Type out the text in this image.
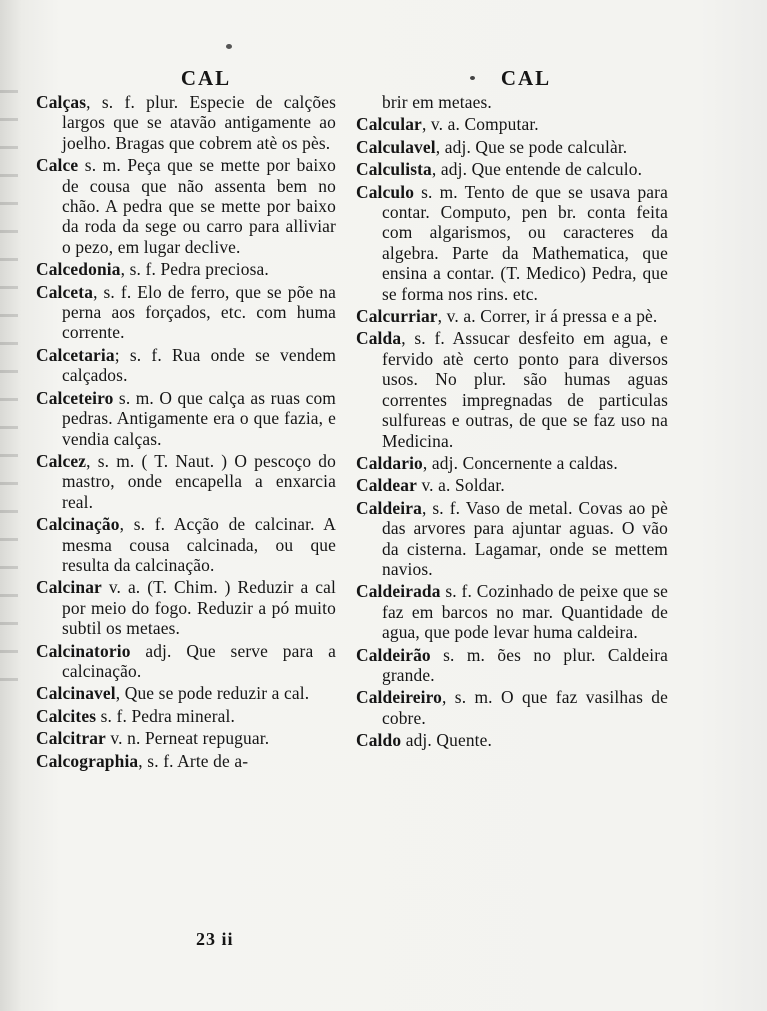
CAL

Calças, s. f. plur. Especie de calções largos que se atavão antigamente ao joelho. Bragas que cobrem atè os pès.

Calce s. m. Peça que se mette por baixo de cousa que não assenta bem no chão. A pedra que se mette por baixo da roda da sege ou carro para alliviar o pezo, em lugar declive.

Calcedonia, s. f. Pedra preciosa.

Calceta, s. f. Elo de ferro, que se põe na perna aos forçados, etc. com huma corrente.

Calcetaria; s. f. Rua onde se vendem calçados.

Calceteiro s. m. O que calça as ruas com pedras. Antigamente era o que fazia, e vendia calças.

Calcez, s. m. ( T. Naut. ) O pescoço do mastro, onde encapella a enxarcia real.

Calcinação, s. f. Acção de calcinar. A mesma cousa calcinada, ou que resulta da calcinação.

Calcinar v. a. (T. Chim. ) Reduzir a cal por meio do fogo. Reduzir a pó muito subtil os metaes.

Calcinatorio adj. Que serve para a calcinação.

Calcinavel, Que se pode reduzir a cal.

Calcites s. f. Pedra mineral.

Calcitrar v. n. Perneat repuguar.

Calcographia, s. f. Arte de a-

CAL

brir em metaes.

Calcular, v. a. Computar.

Calculavel, adj. Que se pode calculàr.

Calculista, adj. Que entende de calculo.

Calculo s. m. Tento de que se usava para contar. Computo, pen br. conta feita com algarismos, ou caracteres da algebra. Parte da Mathematica, que ensina a contar. (T. Medico) Pedra, que se forma nos rins. etc.

Calcurriar, v. a. Correr, ir á pressa e a pè.

Calda, s. f. Assucar desfeito em agua, e fervido atè certo ponto para diversos usos. No plur. são humas aguas correntes impregnadas de particulas sulfureas e outras, de que se faz uso na Medicina.

Caldario, adj. Concernente a caldas.

Caldear v. a. Soldar.

Caldeira, s. f. Vaso de metal. Covas ao pè das arvores para ajuntar aguas. O vão da cisterna. Lagamar, onde se mettem navios.

Caldeirada s. f. Cozinhado de peixe que se faz em barcos no mar. Quantidade de agua, que pode levar huma caldeira.

Caldeirão s. m. ões no plur. Caldeira grande.

Caldeireiro, s. m. O que faz vasilhas de cobre.

Caldo adj. Quente.

23 ii
